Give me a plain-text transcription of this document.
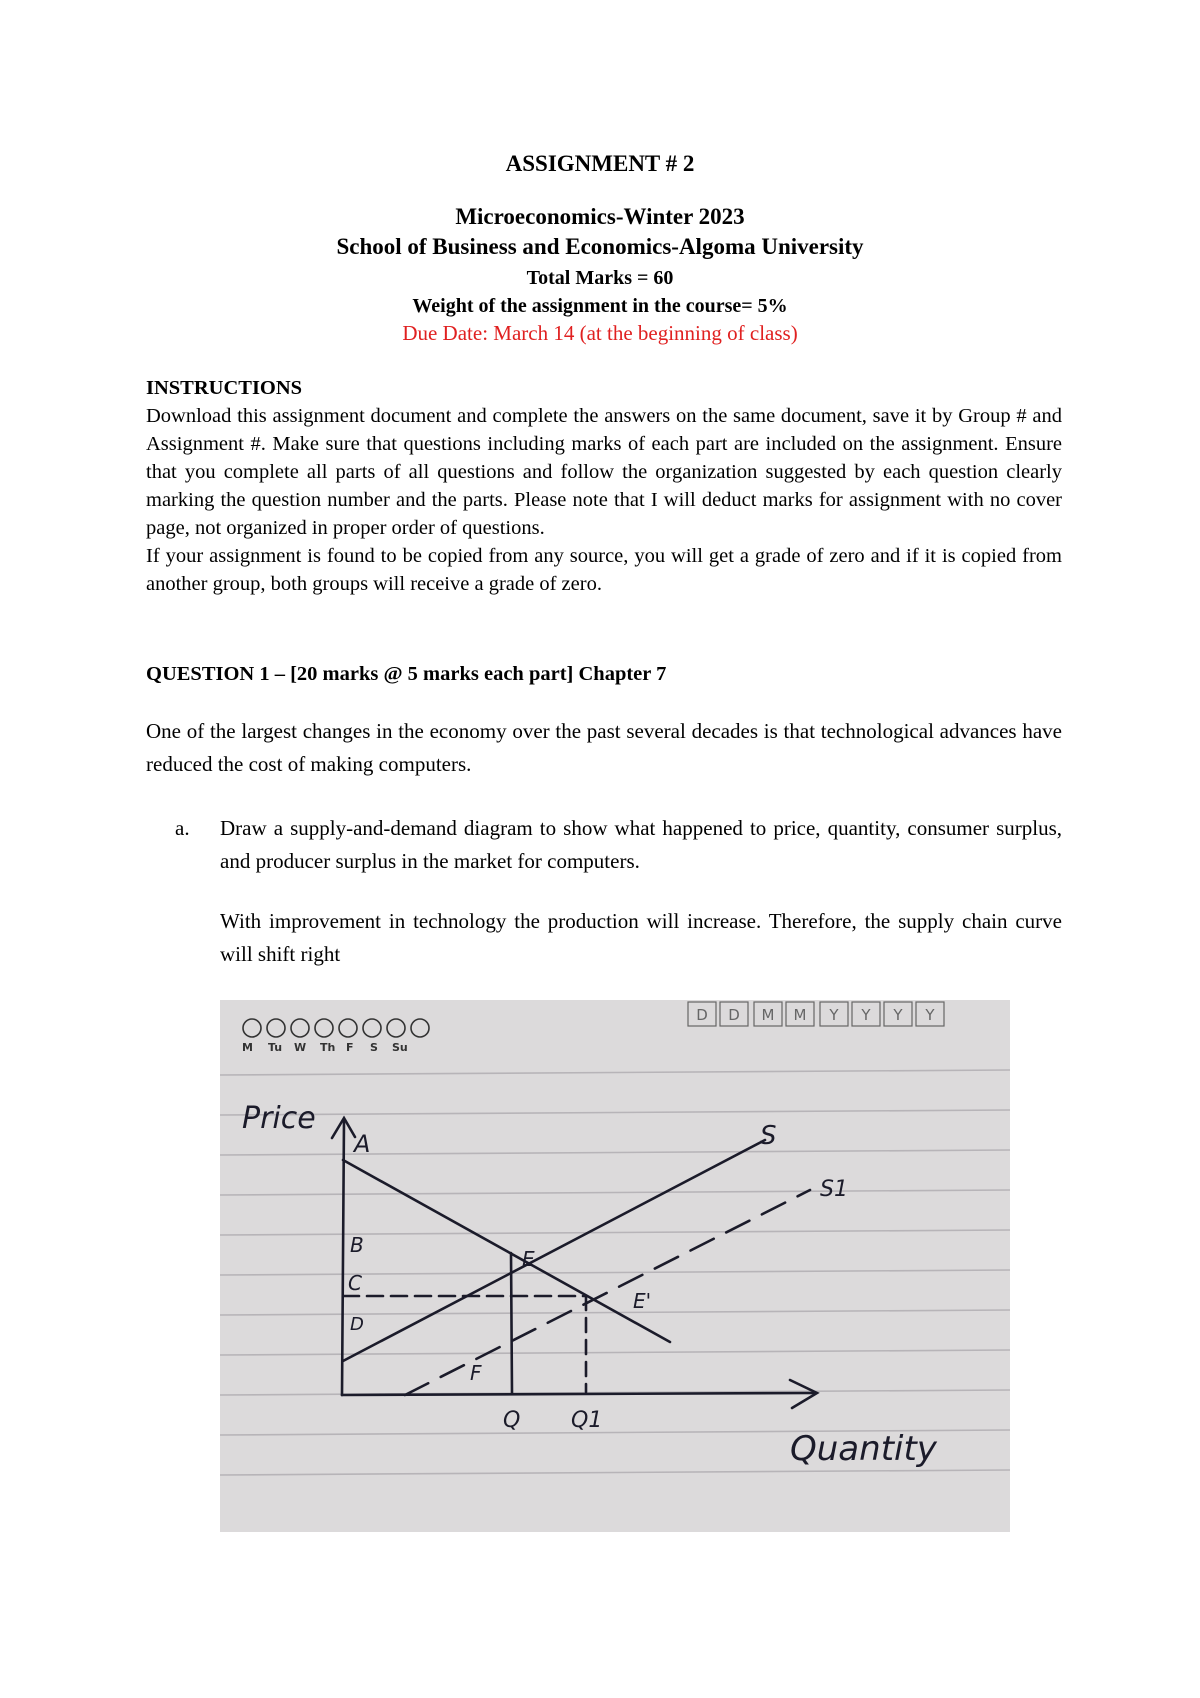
ASSIGNMENT # 2
Microeconomics-Winter 2023
School of Business and Economics-Algoma University
Total Marks = 60
Weight of the assignment in the course= 5%
Due Date: March 14 (at the beginning of class)
INSTRUCTIONS
Download this assignment document and complete the answers on the same document, save it by Group # and Assignment #. Make sure that questions including marks of each part are included on the assignment. Ensure that you complete all parts of all questions and follow the organization suggested by each question clearly marking the question number and the parts. Please note that I will deduct marks for assignment with no cover page, not organized in proper order of questions.
If your assignment is found to be copied from any source, you will get a grade of zero and if it is copied from another group, both groups will receive a grade of zero.
QUESTION 1 – [20 marks @ 5 marks each part] Chapter 7
One of the largest changes in the economy over the past several decades is that technological advances have reduced the cost of making computers.
a. Draw a supply-and-demand diagram to show what happened to price, quantity, consumer surplus, and producer surplus in the market for computers.
With improvement in technology the production will increase. Therefore, the supply chain curve will shift right
M Tu W Th F S Su
D D M M Y Y Y Y
Price
Quantity
A
B
C
D
E
E'
F
Q Q1
S
S1
